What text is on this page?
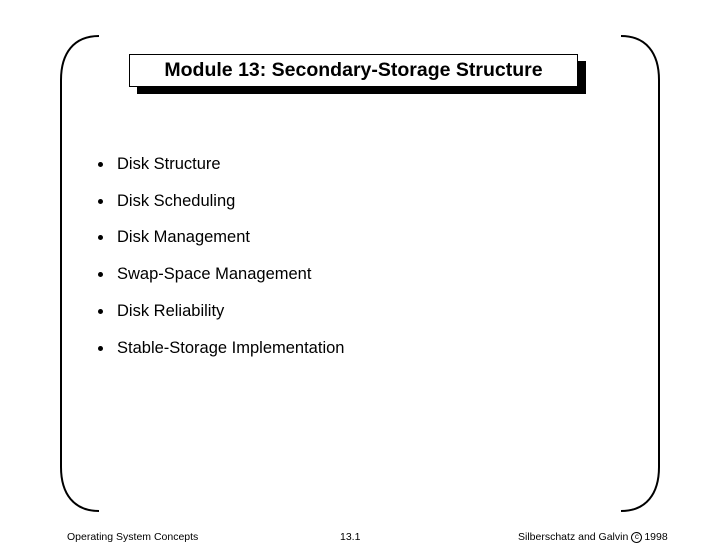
Module 13: Secondary-Storage Structure
Disk Structure
Disk Scheduling
Disk Management
Swap-Space Management
Disk Reliability
Stable-Storage Implementation
Operating System Concepts	13.1	Silberschatz and Galvin c 1998
